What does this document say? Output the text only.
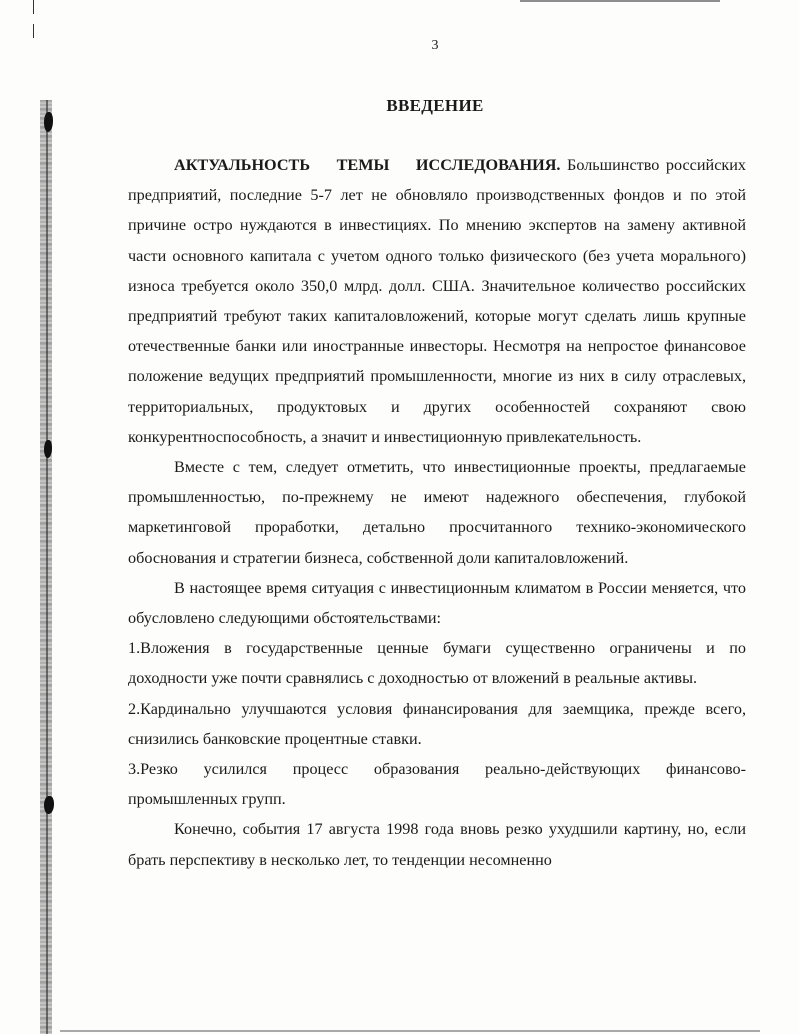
3
ВВЕДЕНИЕ

АКТУАЛЬНОСТЬ ТЕМЫ ИССЛЕДОВАНИЯ. Большинство российских предприятий, последние 5-7 лет не обновляло производственных фондов и по этой причине остро нуждаются в инвестициях. По мнению экспертов на замену активной части основного капитала с учетом одного только физического (без учета морального) износа требуется около 350,0 млрд. долл. США. Значительное количество российских предприятий требуют таких капиталовложений, которые могут сделать лишь крупные отечественные банки или иностранные инвесторы. Несмотря на непростое финансовое положение ведущих предприятий промышленности, многие из них в силу отраслевых, территориальных, продуктовых и других особенностей сохраняют свою конкурентноспособность, а значит и инвестиционную привлекательность.

Вместе с тем, следует отметить, что инвестиционные проекты, предлагаемые промышленностью, по-прежнему не имеют надежного обеспечения, глубокой маркетинговой проработки, детально просчитанного технико-экономического обоснования и стратегии бизнеса, собственной доли капиталовложений.

В настоящее время ситуация с инвестиционным климатом в России меняется, что обусловлено следующими обстоятельствами:

1.Вложения в государственные ценные бумаги существенно ограничены и по доходности уже почти сравнялись с доходностью от вложений в реальные активы.

2.Кардинально улучшаются условия финансирования для заемщика, прежде всего, снизились банковские процентные ставки.

3.Резко усилился процесс образования реально-действующих финансово-промышленных групп.

Конечно, события 17 августа 1998 года вновь резко ухудшили картину, но, если брать перспективу в несколько лет, то тенденции несомненно
